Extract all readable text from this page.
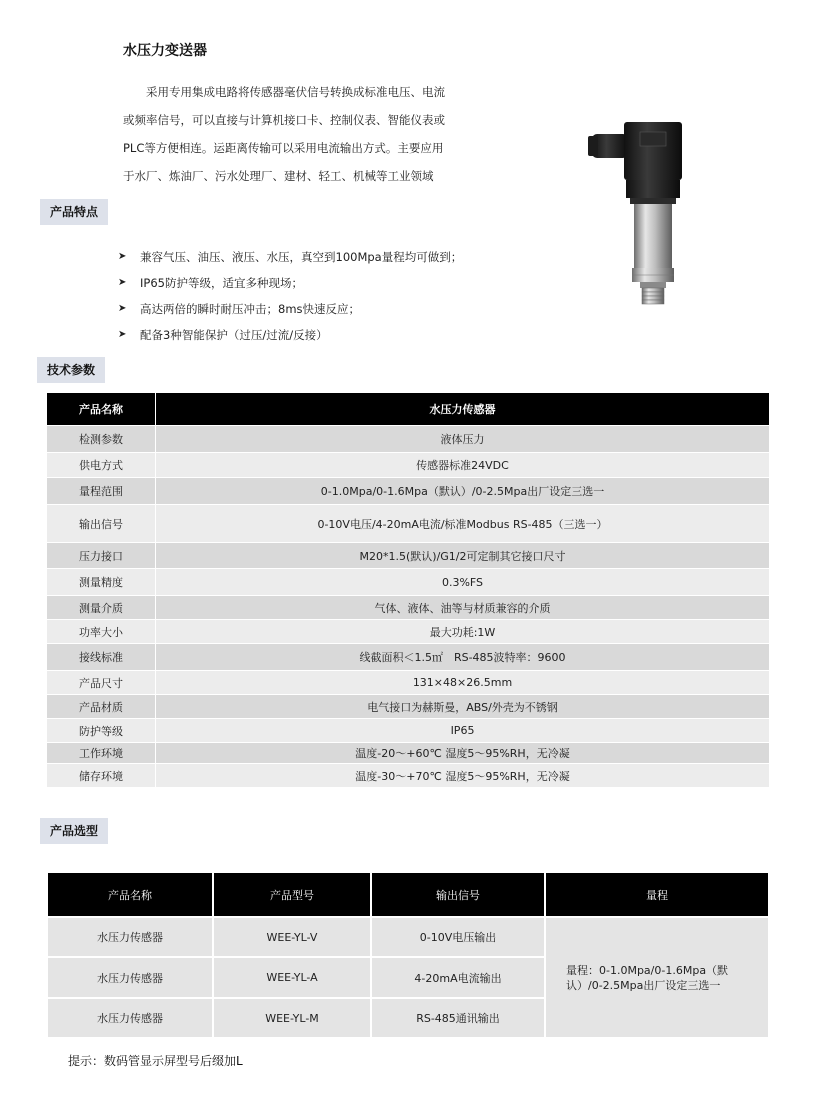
水压力变送器
　　采用专用集成电路将传感器毫伏信号转换成标准电压、电流
或频率信号，可以直接与计算机接口卡、控制仪表、智能仪表或
PLC等方便相连。运距离传输可以采用电流输出方式。主要应用
于水厂、炼油厂、污水处理厂、建材、轻工、机械等工业领域
产品特点
➤	兼容气压、油压、液压、水压，真空到100Mpa量程均可做到；
➤	IP65防护等级，适宜多种现场；
➤	高达两倍的瞬时耐压冲击；8ms快速反应；
➤	配备3种智能保护（过压/过流/反接）
技术参数
产品名称	水压力传感器
检测参数	液体压力
供电方式	传感器标准24VDC
量程范围	0-1.0Mpa/0-1.6Mpa（默认）/0-2.5Mpa出厂设定三选一
输出信号	0-10V电压/4-20mA电流/标准Modbus RS-485（三选一）
压力接口	M20*1.5(默认)/G1/2可定制其它接口尺寸
测量精度	0.3%FS
测量介质	气体、液体、油等与材质兼容的介质
功率大小	最大功耗:1W
接线标准	线截面积＜1.5㎡　RS-485波特率：9600
产品尺寸	131×48×26.5mm
产品材质	电气接口为赫斯曼，ABS/外壳为不锈钢
防护等级	IP65
工作环境	温度-20～+60℃ 湿度5～95%RH，无冷凝
储存环境	温度-30～+70℃ 湿度5～95%RH，无冷凝
产品选型
产品名称	产品型号	输出信号	量程
水压力传感器	WEE-YL-V	0-10V电压输出	量程：0-1.0Mpa/0-1.6Mpa（默认）/0-2.5Mpa出厂设定三选一
水压力传感器	WEE-YL-A	4-20mA电流输出	
水压力传感器	WEE-YL-M	RS-485通讯输出	
提示：数码管显示屏型号后缀加L
